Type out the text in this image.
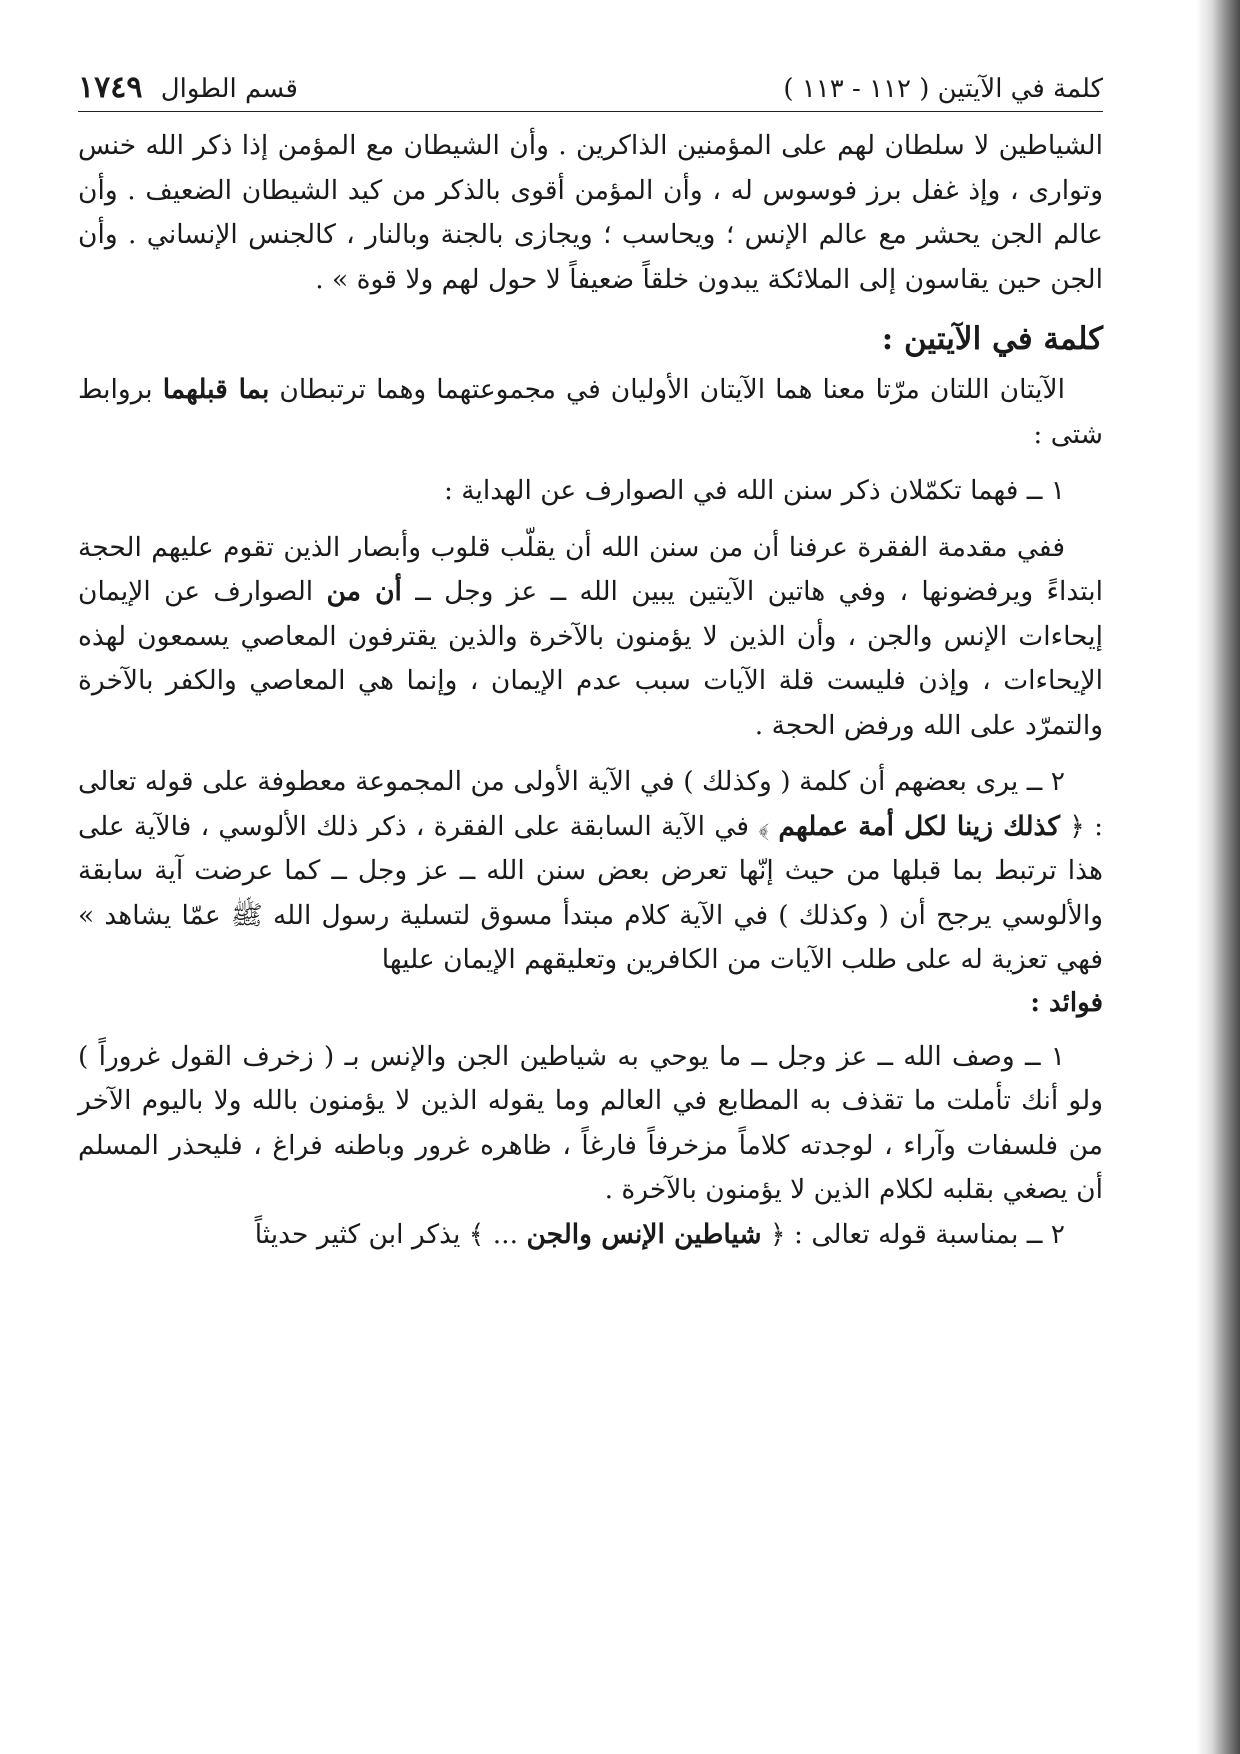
كلمة في الآيتين ( ١١٢ - ١١٣ )
قسم الطوال ١٧٤٩

الشياطين لا سلطان لهم على المؤمنين الذاكرين . وأن الشيطان مع المؤمن إذا ذكر الله خنس وتوارى ، وإذ غفل برز فوسوس له ، وأن المؤمن أقوى بالذكر من كيد الشيطان الضعيف . وأن عالم الجن يحشر مع عالم الإنس ؛ ويحاسب ؛ ويجازى بالجنة وبالنار ، كالجنس الإنساني . وأن الجن حين يقاسون إلى الملائكة يبدون خلقاً ضعيفاً لا حول لهم ولا قوة » .

كلمة في الآيتين :

الآيتان اللتان مرّتا معنا هما الآيتان الأوليان في مجموعتهما وهما ترتبطان بما قبلهما بروابط شتى :

١ ــ فهما تكمّلان ذكر سنن الله في الصوارف عن الهداية :

ففي مقدمة الفقرة عرفنا أن من سنن الله أن يقلّب قلوب وأبصار الذين تقوم عليهم الحجة ابتداءً ويرفضونها ، وفي هاتين الآيتين يبين الله ــ عز وجل ــ أن من الصوارف عن الإيمان إيحاءات الإنس والجن ، وأن الذين لا يؤمنون بالآخرة والذين يقترفون المعاصي يسمعون لهذه الإيحاءات ، وإذن فليست قلة الآيات سبب عدم الإيمان ، وإنما هي المعاصي والكفر بالآخرة والتمرّد على الله ورفض الحجة .

٢ ــ يرى بعضهم أن كلمة ( وكذلك ) في الآية الأولى من المجموعة معطوفة على قوله تعالى : ﴿ كذلك زينا لكل أمة عملهم ﴾ في الآية السابقة على الفقرة ، ذكر ذلك الألوسي ، فالآية على هذا ترتبط بما قبلها من حيث إنّها تعرض بعض سنن الله ــ عز وجل ــ كما عرضت آية سابقة والألوسي يرجح أن ( وكذلك ) في الآية كلام مبتدأ مسوق لتسلية رسول الله ﷺ عمّا يشاهد » فهي تعزية له على طلب الآيات من الكافرين وتعليقهم الإيمان عليها

فوائد :

١ ــ وصف الله ــ عز وجل ــ ما يوحي به شياطين الجن والإنس بـ ( زخرف القول غروراً ) ولو أنك تأملت ما تقذف به المطابع في العالم وما يقوله الذين لا يؤمنون بالله ولا باليوم الآخر من فلسفات وآراء ، لوجدته كلاماً مزخرفاً فارغاً ، ظاهره غرور وباطنه فراغ ، فليحذر المسلم أن يصغي بقلبه لكلام الذين لا يؤمنون بالآخرة .

٢ ــ بمناسبة قوله تعالى : ﴿ شياطين الإنس والجن ... ﴾ يذكر ابن كثير حديثاً
